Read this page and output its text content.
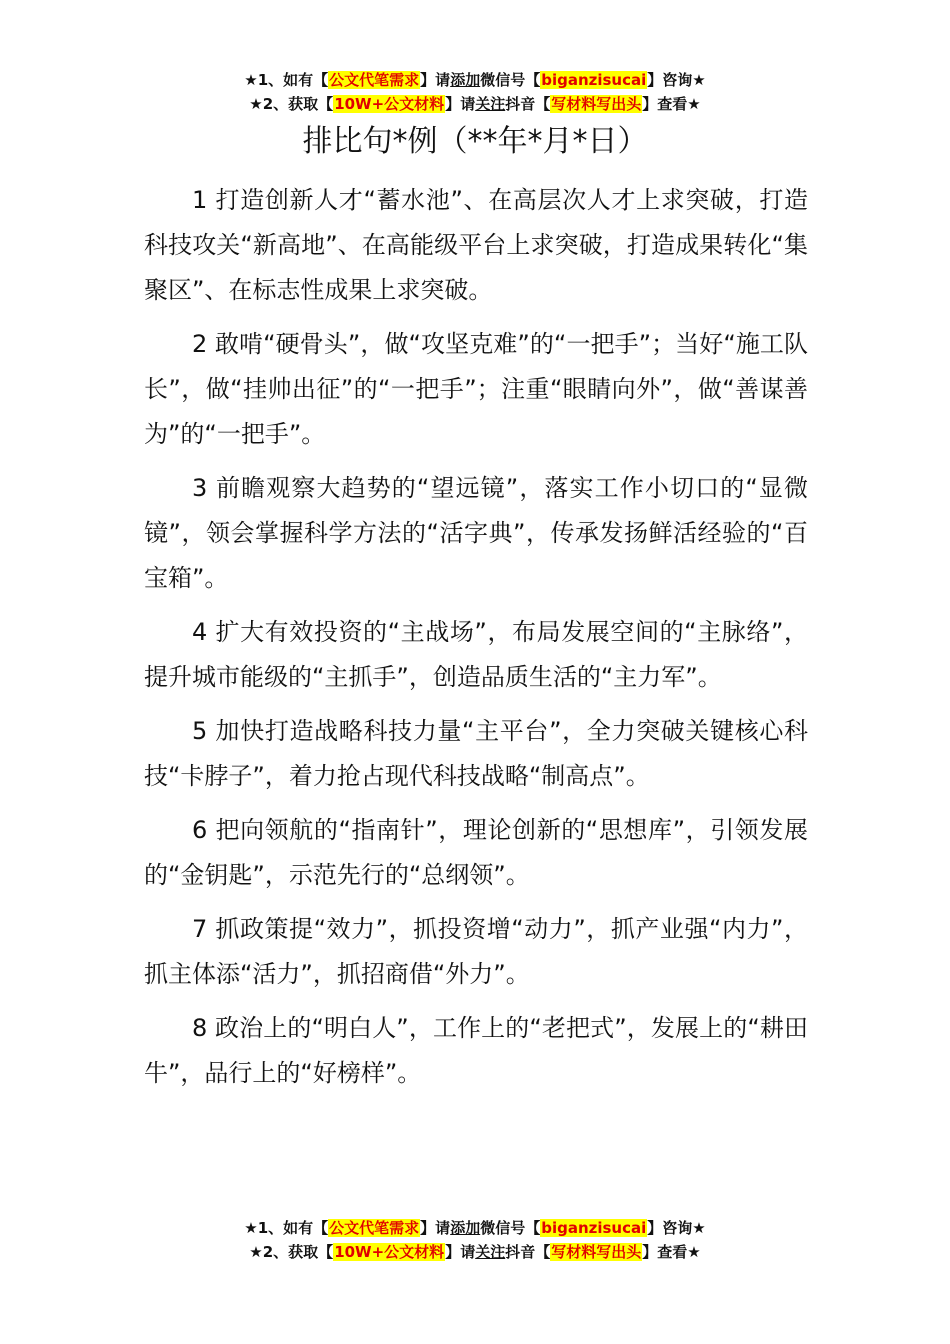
★1、如有【公文代笔需求】请添加微信号【biganzisucai】咨询★
★2、获取【10W+公文材料】请关注抖音【写材料写出头】查看★
排比句*例（**年*月*日）

1 打造创新人才“蓄水池”、在高层次人才上求突破，打造科技攻关“新高地”、在高能级平台上求突破，打造成果转化“集聚区”、在标志性成果上求突破。

2 敢啃“硬骨头”，做“攻坚克难”的“一把手”；当好“施工队长”，做“挂帅出征”的“一把手”；注重“眼睛向外”，做“善谋善为”的“一把手”。

3 前瞻观察大趋势的“望远镜”，落实工作小切口的“显微镜”，领会掌握科学方法的“活字典”，传承发扬鲜活经验的“百宝箱”。

4 扩大有效投资的“主战场”，布局发展空间的“主脉络”，提升城市能级的“主抓手”，创造品质生活的“主力军”。

5 加快打造战略科技力量“主平台”，全力突破关键核心科技“卡脖子”，着力抢占现代科技战略“制高点”。

6 把向领航的“指南针”，理论创新的“思想库”，引领发展的“金钥匙”，示范先行的“总纲领”。

7 抓政策提“效力”，抓投资增“动力”，抓产业强“内力”，抓主体添“活力”，抓招商借“外力”。

8 政治上的“明白人”，工作上的“老把式”，发展上的“耕田牛”，品行上的“好榜样”。

★1、如有【公文代笔需求】请添加微信号【biganzisucai】咨询★
★2、获取【10W+公文材料】请关注抖音【写材料写出头】查看★
